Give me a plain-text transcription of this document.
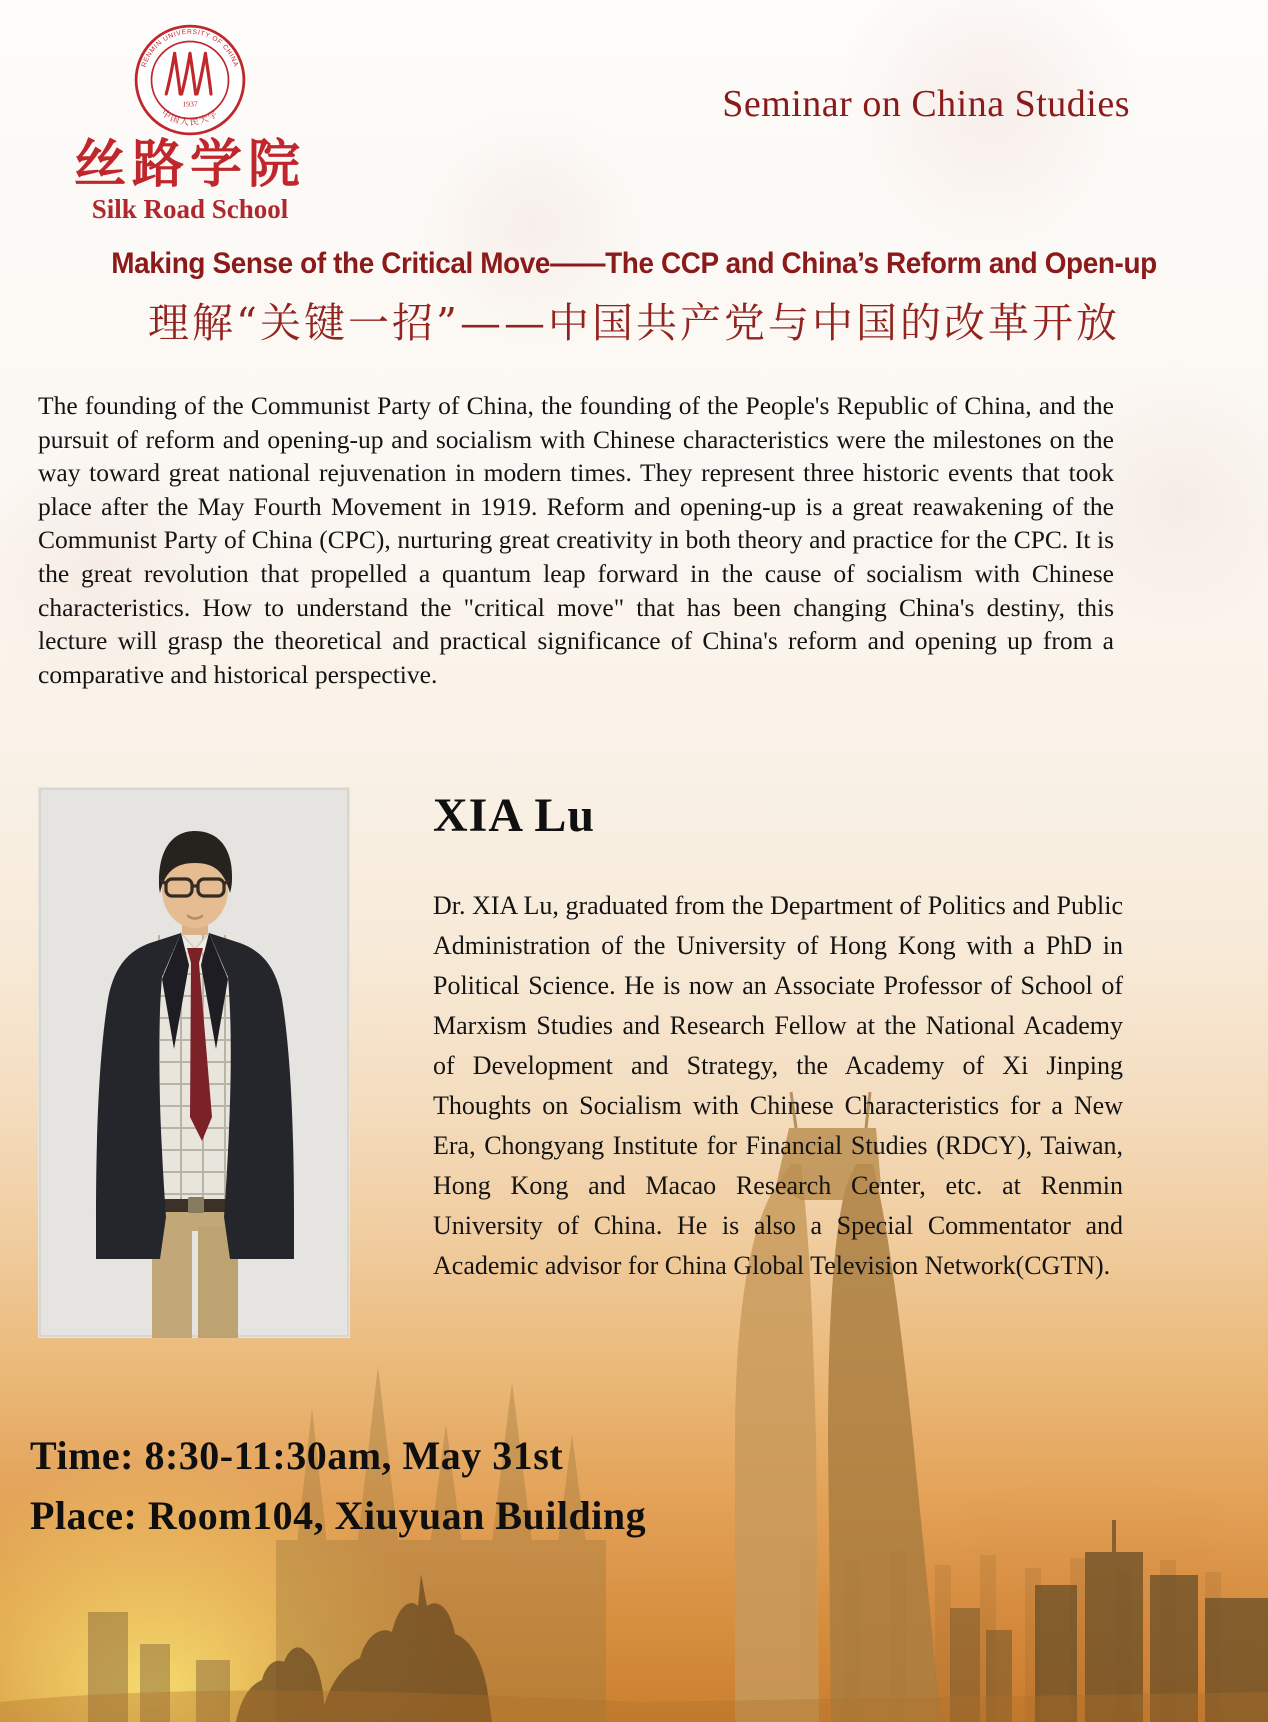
RENMIN UNIVERSITY OF CHINA
中国人民大学
1937
丝路学院
Silk Road School
Seminar on China Studies
Making Sense of the Critical Move——The CCP and China’s Reform and Open-up
理解“关键一招”——中国共产党与中国的改革开放
The founding of the Communist Party of China, the founding of the People's Republic of China, and the pursuit of reform and opening-up and socialism with Chinese characteristics were the milestones on the way toward great national rejuvenation in modern times. They represent three historic events that took place after the May Fourth Movement in 1919. Reform and opening-up is a great reawakening of the Communist Party of China (CPC), nurturing great creativity in both theory and practice for the CPC. It is the great revolution that propelled a quantum leap forward in the cause of socialism with Chinese characteristics. How to understand the "critical move" that has been changing China's destiny, this lecture will grasp the theoretical and practical significance of China's reform and opening up from a comparative and historical perspective.
XIA Lu
Dr. XIA Lu, graduated from the Department of Politics and Public Administration of the University of Hong Kong with a PhD in Political Science. He is now an Associate Professor of School of Marxism Studies and Research Fellow at the National Academy of Development and Strategy, the Academy of Xi Jinping Thoughts on Socialism with Chinese Characteristics for a New Era, Chongyang Institute for Financial Studies (RDCY), Taiwan, Hong Kong and Macao Research Center, etc. at Renmin University of China. He is also a Special Commentator and Academic advisor for China Global Television Network(CGTN).
Time: 8:30-11:30am, May 31st
Place: Room104, Xiuyuan Building
